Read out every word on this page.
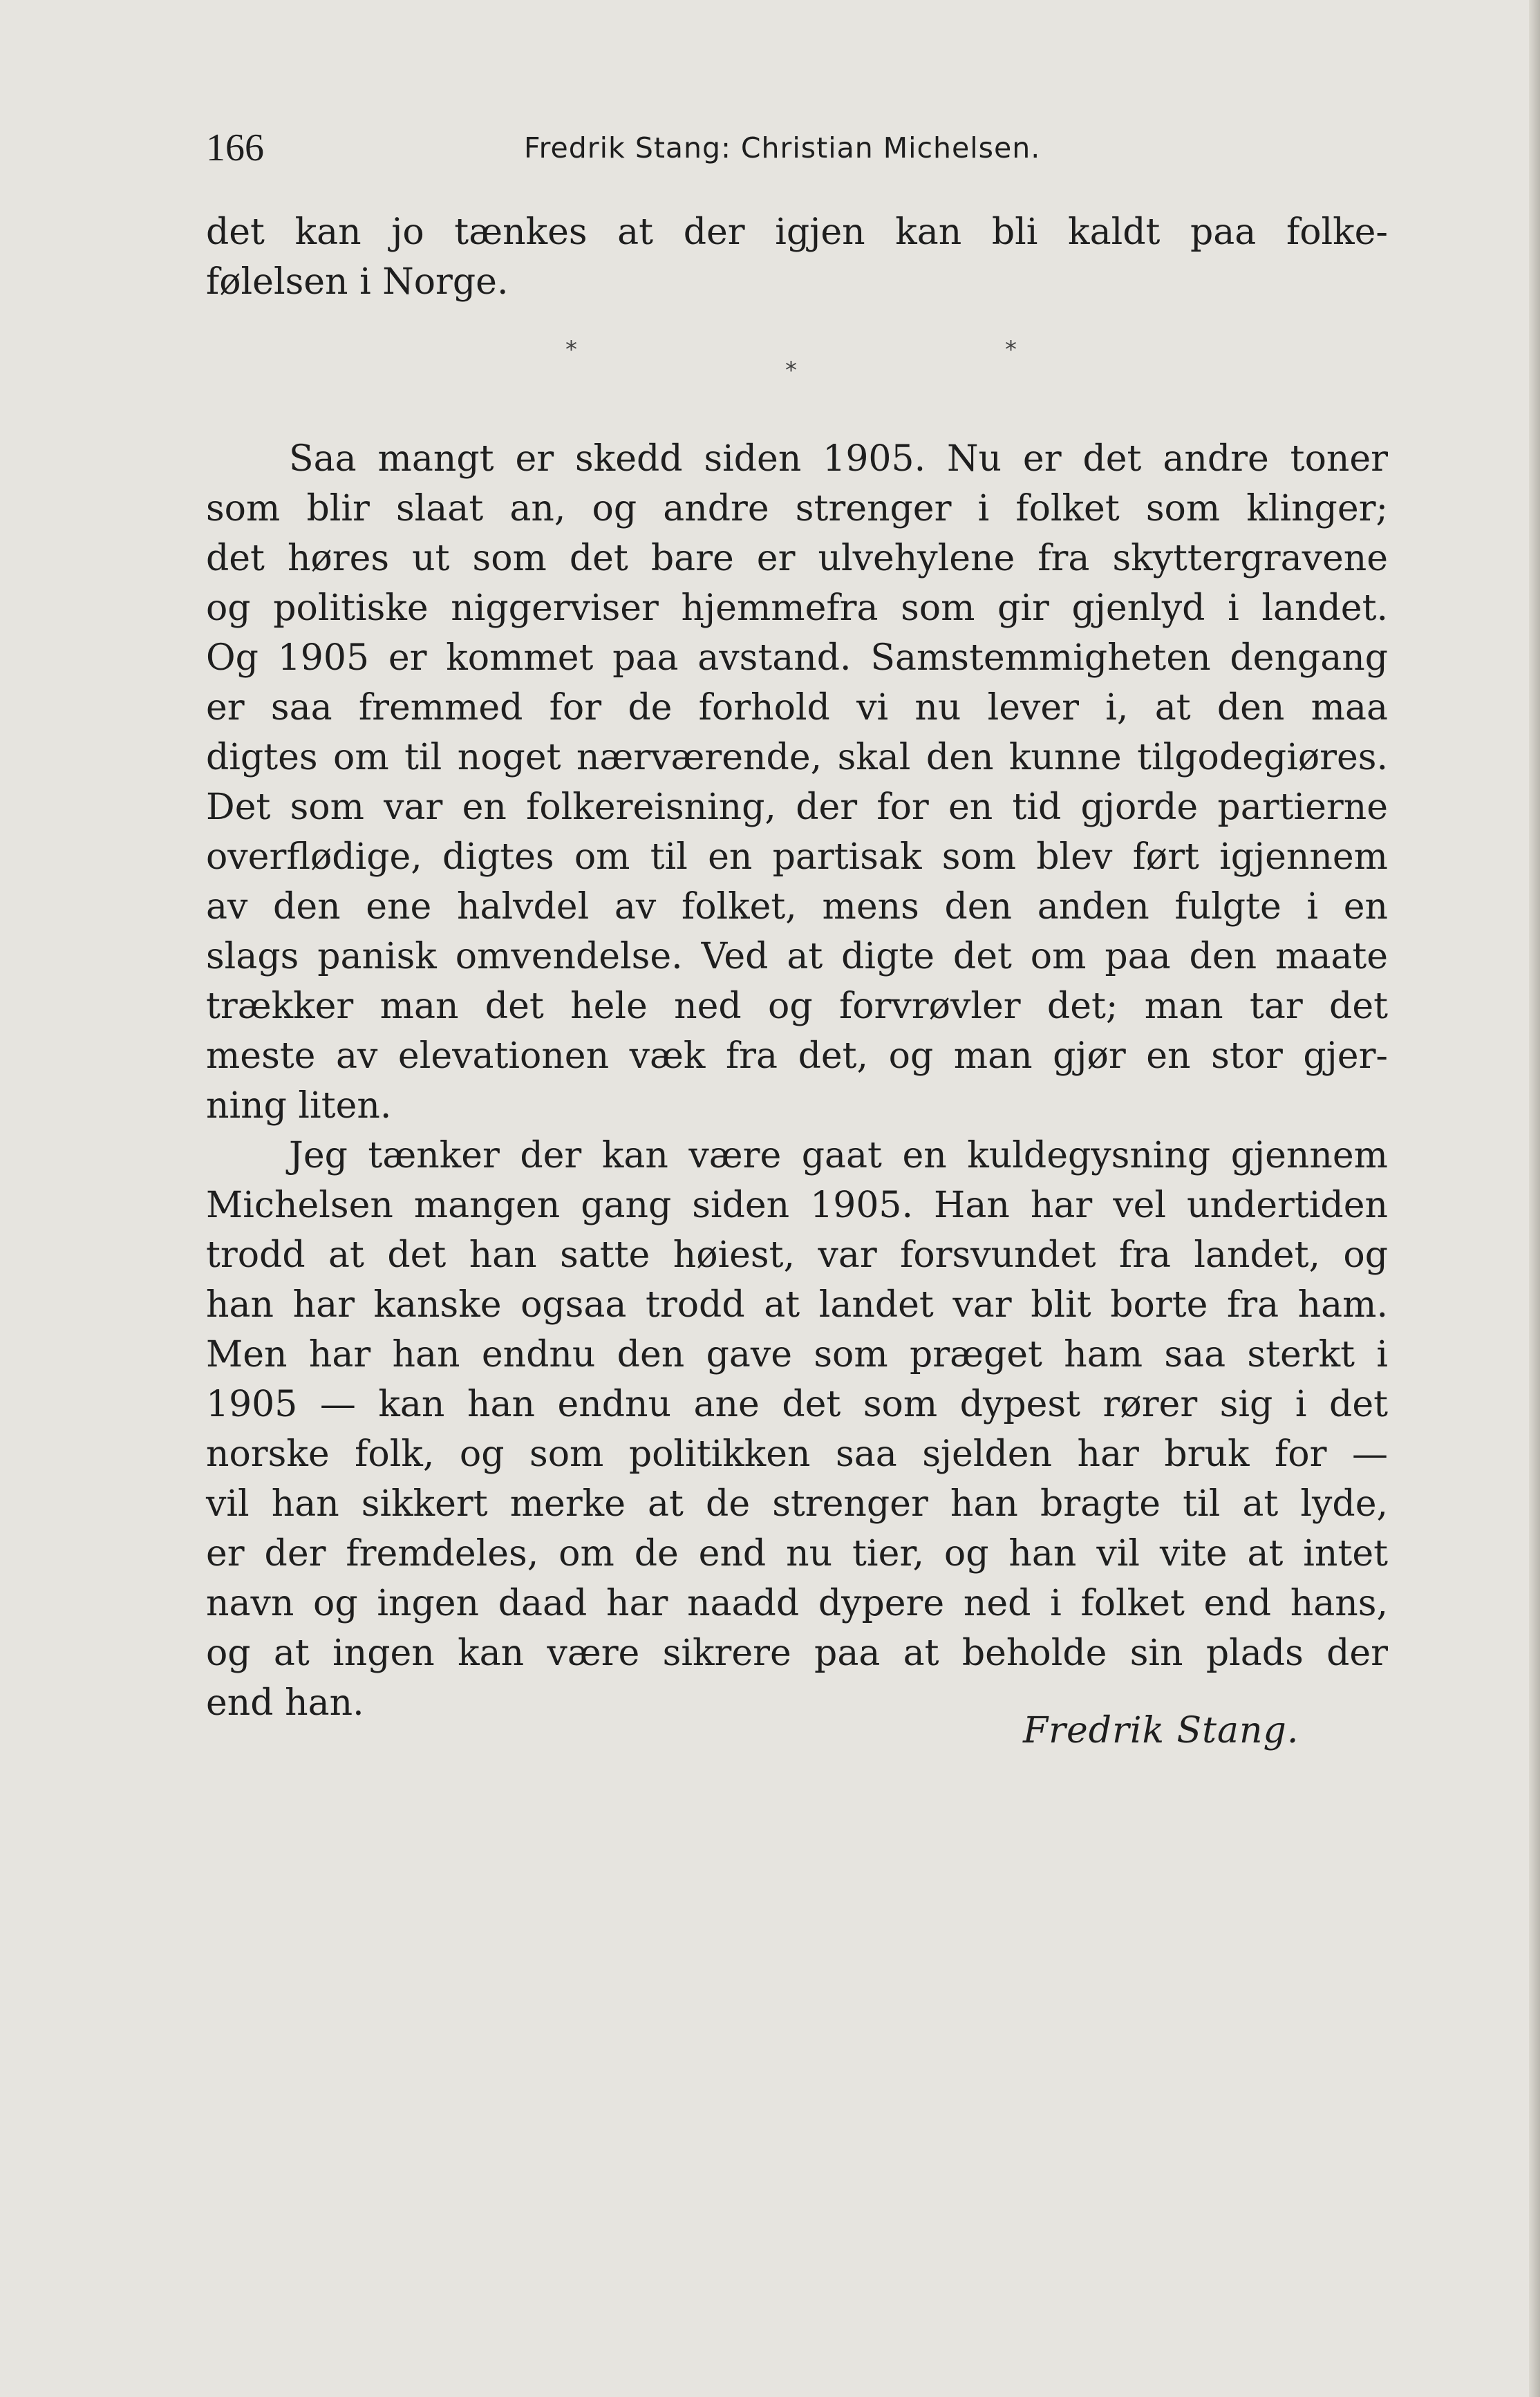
166	Fredrik Stang: Christian Michelsen.
det kan jo tænkes at der igjen kan bli kaldt paa folke-
følelsen i Norge.
*
*
*
Saa mangt er skedd siden 1905. Nu er det andre toner
som blir slaat an, og andre strenger i folket som klinger;
det høres ut som det bare er ulvehylene fra skyttergravene
og politiske niggerviser hjemmefra som gir gjenlyd i landet.
Og 1905 er kommet paa avstand. Samstemmigheten dengang
er saa fremmed for de forhold vi nu lever i, at den maa
digtes om til noget nærværende, skal den kunne tilgodegiøres.
Det som var en folkereisning, der for en tid gjorde partierne
overflødige, digtes om til en partisak som blev ført igjennem
av den ene halvdel av folket, mens den anden fulgte i en
slags panisk omvendelse. Ved at digte det om paa den maate
trækker man det hele ned og forvrøvler det; man tar det
meste av elevationen væk fra det, og man gjør en stor gjer-
ning liten.
Jeg tænker der kan være gaat en kuldegysning gjennem
Michelsen mangen gang siden 1905. Han har vel undertiden
trodd at det han satte høiest, var forsvundet fra landet, og
han har kanske ogsaa trodd at landet var blit borte fra ham.
Men har han endnu den gave som præget ham saa sterkt i
1905 — kan han endnu ane det som dypest rører sig i det
norske folk, og som politikken saa sjelden har bruk for —
vil han sikkert merke at de strenger han bragte til at lyde,
er der fremdeles, om de end nu tier, og han vil vite at intet
navn og ingen daad har naadd dypere ned i folket end hans,
og at ingen kan være sikrere paa at beholde sin plads der
end han.
Fredrik Stang.
